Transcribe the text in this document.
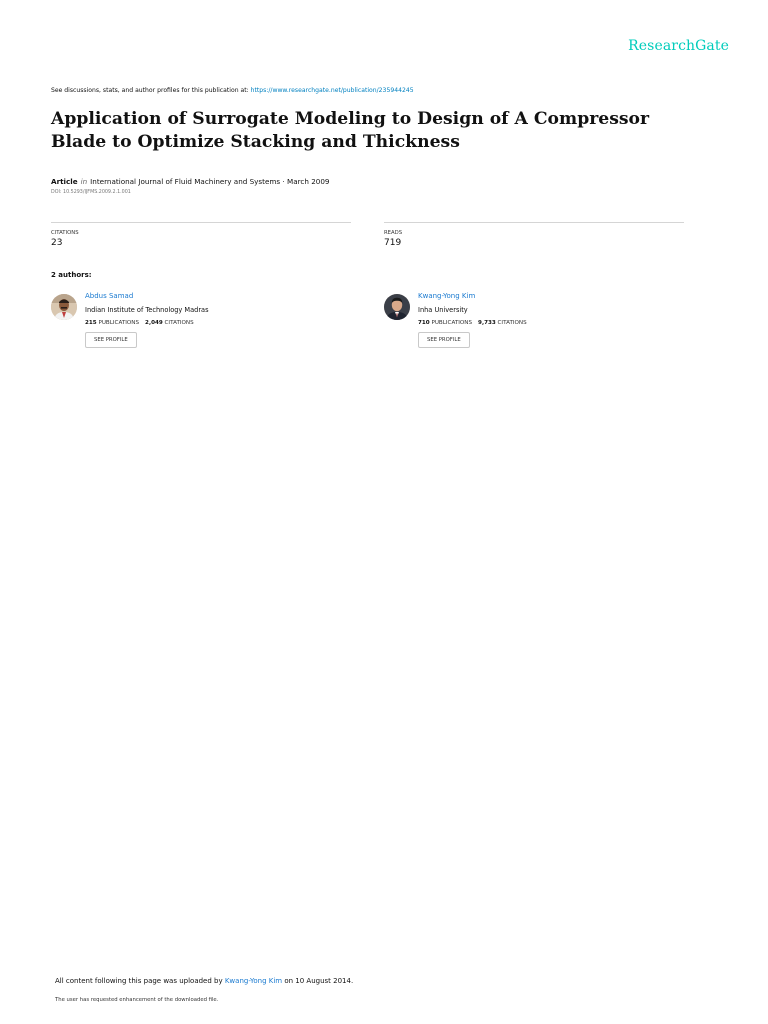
ResearchGate
See discussions, stats, and author profiles for this publication at: https://www.researchgate.net/publication/235944245
Application of Surrogate Modeling to Design of A Compressor Blade to Optimize Stacking and Thickness
Article in International Journal of Fluid Machinery and Systems · March 2009
DOI: 10.5293/IJFMS.2009.2.1.001
CITATIONS
23
READS
719
2 authors:
Abdus Samad
Indian Institute of Technology Madras
215 PUBLICATIONS 2,049 CITATIONS
SEE PROFILE
Kwang-Yong Kim
Inha University
710 PUBLICATIONS 9,733 CITATIONS
SEE PROFILE
All content following this page was uploaded by Kwang-Yong Kim on 10 August 2014.
The user has requested enhancement of the downloaded file.
